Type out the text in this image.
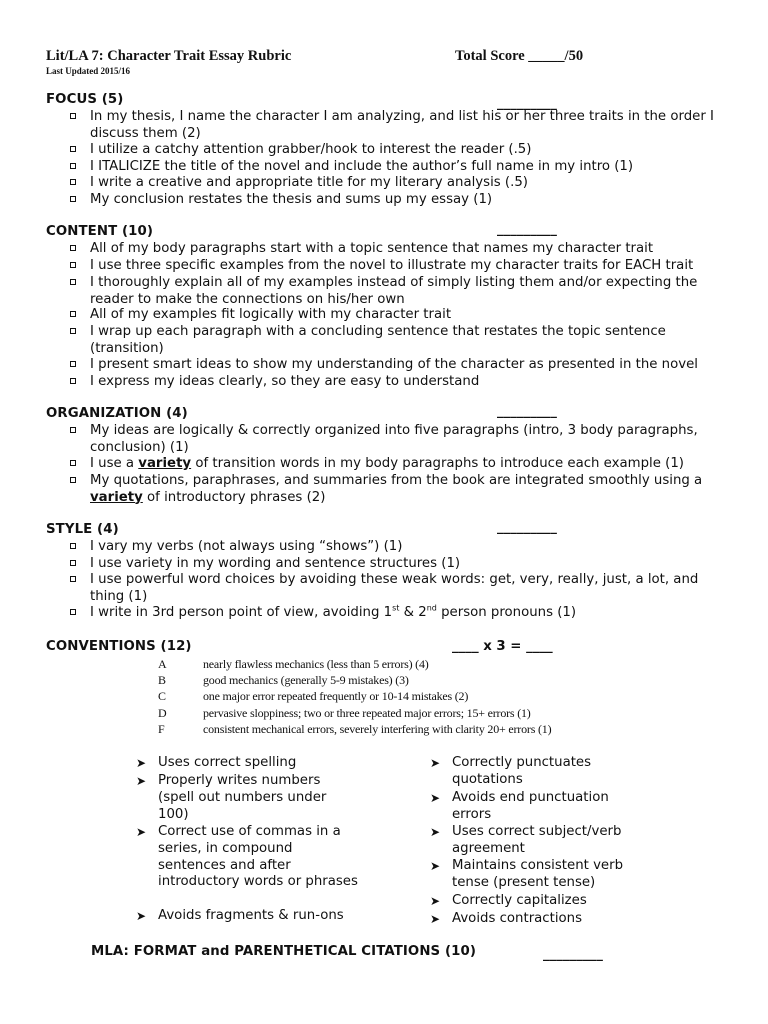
Lit/LA 7: Character Trait Essay Rubric	Total Score _____/50
Last Updated 2015/16
FOCUS (5)	_________
In my thesis, I name the character I am analyzing, and list his or her three traits in the order I discuss them (2)
I utilize a catchy attention grabber/hook to interest the reader (.5)
I ITALICIZE the title of the novel and include the author’s full name in my intro (1)
I write a creative and appropriate title for my literary analysis (.5)
My conclusion restates the thesis and sums up my essay (1)
CONTENT (10)	_________
All of my body paragraphs start with a topic sentence that names my character trait
I use three specific examples from the novel to illustrate my character traits for EACH trait
I thoroughly explain all of my examples instead of simply listing them and/or expecting the reader to make the connections on his/her own
All of my examples fit logically with my character trait
I wrap up each paragraph with a concluding sentence that restates the topic sentence (transition)
I present smart ideas to show my understanding of the character as presented in the novel
I express my ideas clearly, so they are easy to understand
ORGANIZATION (4)	_________
My ideas are logically & correctly organized into five paragraphs (intro, 3 body paragraphs, conclusion) (1)
I use a variety of transition words in my body paragraphs to introduce each example (1)
My quotations, paraphrases, and summaries from the book are integrated smoothly using a variety of introductory phrases (2)
STYLE (4)	_________
I vary my verbs (not always using “shows”) (1)
I use variety in my wording and sentence structures (1)
I use powerful word choices by avoiding these weak words: get, very, really, just, a lot, and thing (1)
I write in 3rd person point of view, avoiding 1st & 2nd person pronouns (1)
CONVENTIONS (12)	____ x 3 = ____
A	nearly flawless mechanics (less than 5 errors) (4)
B	good mechanics (generally 5-9 mistakes) (3)
C	one major error repeated frequently or 10-14 mistakes (2)
D	pervasive sloppiness; two or three repeated major errors; 15+ errors (1)
F	consistent mechanical errors, severely interfering with clarity 20+ errors (1)
➤ Uses correct spelling
➤ Properly writes numbers (spell out numbers under 100)
➤ Correct use of commas in a series, in compound sentences and after introductory words or phrases
➤ Avoids fragments & run-ons
➤ Correctly punctuates quotations
➤ Avoids end punctuation errors
➤ Uses correct subject/verb agreement
➤ Maintains consistent verb tense (present tense)
➤ Correctly capitalizes
➤ Avoids contractions
MLA: FORMAT and PARENTHETICAL CITATIONS (10)	_________
